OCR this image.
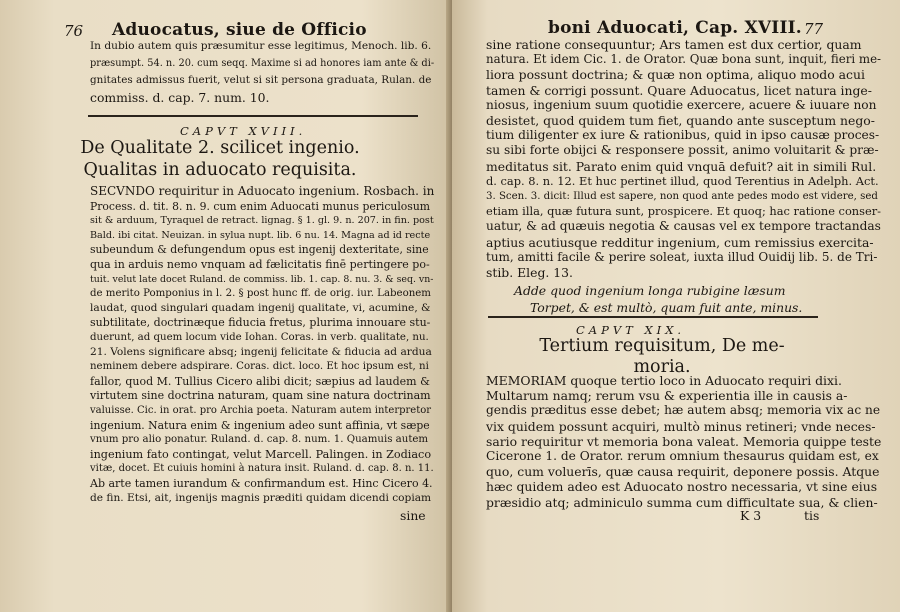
76 Aduocatus, siue de Officio
In dubio autem quis præsumitur esse legitimus, Menoch. lib. 6.
præsumpt. 54. n. 20. cum seqq. Maxime si ad honores iam ante & di-
gnitates admissus fuerit, velut si sit persona graduata, Rulan. de
commiss. d. cap. 7. num. 10.
CAPVT XVIII.
De Qualitate 2. scilicet ingenio.
Qualitas in aduocato requisita.
SECVNDO requiritur in Aduocato ingenium. Rosbach. in
Process. d. tit. 8. n. 9. cum enim Aduocati munus periculosum
sit & arduum, Tyraquel de retract. lignag. § 1. gl. 9. n. 207. in fin. post
Bald. ibi citat. Neuizan. in sylua nupt. lib. 6 nu. 14. Magna ad id recte
subeundum & defungendum opus est ingenij dexteritate, sine
qua in arduis nemo vnquam ad fælicitatis finē pertingere po-
tuit. velut late docet Ruland. de commiss. lib. 1. cap. 8. nu. 3. & seq. vn-
de merito Pomponius in l. 2. § post hunc ff. de orig. iur. Labeonem
laudat, quod singulari quadam ingenij qualitate, vi, acumine, &
subtilitate, doctrinæque fiducia fretus, plurima innouare stu-
duerunt, ad quem locum vide Iohan. Coras. in verb. qualitate, nu.
21. Volens significare absq; ingenij felicitate & fiducia ad ardua
neminem debere adspirare. Coras. dict. loco. Et hoc ipsum est, ni
fallor, quod M. Tullius Cicero alibi dicit; sæpius ad laudem &
virtutem sine doctrina naturam, quam sine natura doctrinam
valuisse. Cic. in orat. pro Archia poeta. Naturam autem interpretor
ingenium. Natura enim & ingenium adeo sunt affinia, vt sæpe
vnum pro alio ponatur. Ruland. d. cap. 8. num. 1. Quamuis autem
ingenium fato contingat, velut Marcell. Palingen. in Zodiaco
vitæ, docet. Et cuiuis homini à natura insit. Ruland. d. cap. 8. n. 11.
Ab arte tamen iurandum & confirmandum est. Hinc Cicero 4.
de fin. Etsi, ait, ingenijs magnis præditi quidam dicendi copiam
sine
boni Aduocati, Cap. XVIII. 77
sine ratione consequuntur; Ars tamen est dux certior, quam
natura. Et idem Cic. 1. de Orator. Quæ bona sunt, inquit, fieri me-
liora possunt doctrina; & quæ non optima, aliquo modo acui
tamen & corrigi possunt. Quare Aduocatus, licet natura inge-
niosus, ingenium suum quotidie exercere, acuere & iuuare non
desistet, quod quidem tum fiet, quando ante susceptum nego-
tium diligenter ex iure & rationibus, quid in ipso causæ proces-
su sibi forte obijci & responsere possit, animo voluitarit & præ-
meditatus sit. Parato enim quid vnquā defuit? ait in simili Rul.
d. cap. 8. n. 12. Et huc pertinet illud, quod Terentius in Adelph. Act.
3. Scen. 3. dicit: Illud est sapere, non quod ante pedes modo est videre, sed
etiam illa, quæ futura sunt, prospicere. Et quoq; hac ratione conser-
uatur, & ad quæuis negotia & causas vel ex tempore tractandas
aptius acutiusque redditur ingenium, cum remissius exercita-
tum, amitti facile & perire soleat, iuxta illud Ouidij lib. 5. de Tri-
stib. Eleg. 13.
Adde quod ingenium longa rubigine læsum
Torpet, & est multò, quam fuit ante, minus.
CAPVT XIX.
Tertium requisitum, De me-
moria.
MEMORIAM quoque tertio loco in Aduocato requiri dixi.
Multarum namq; rerum vsu & experientia ille in causis a-
gendis præditus esse debet; hæ autem absq; memoria vix ac ne
vix quidem possunt acquiri, multò minus retineri; vnde neces-
sario requiritur vt memoria bona valeat. Memoria quippe teste
Cicerone 1. de Orator. rerum omnium thesaurus quidam est, ex
quo, cum voluerīs, quæ causa requirit, deponere possis. Atque
hæc quidem adeo est Aduocato nostro necessaria, vt sine eius
præsidio atq; adminiculo summa cum difficultate sua, & clien-
K 3	tis
